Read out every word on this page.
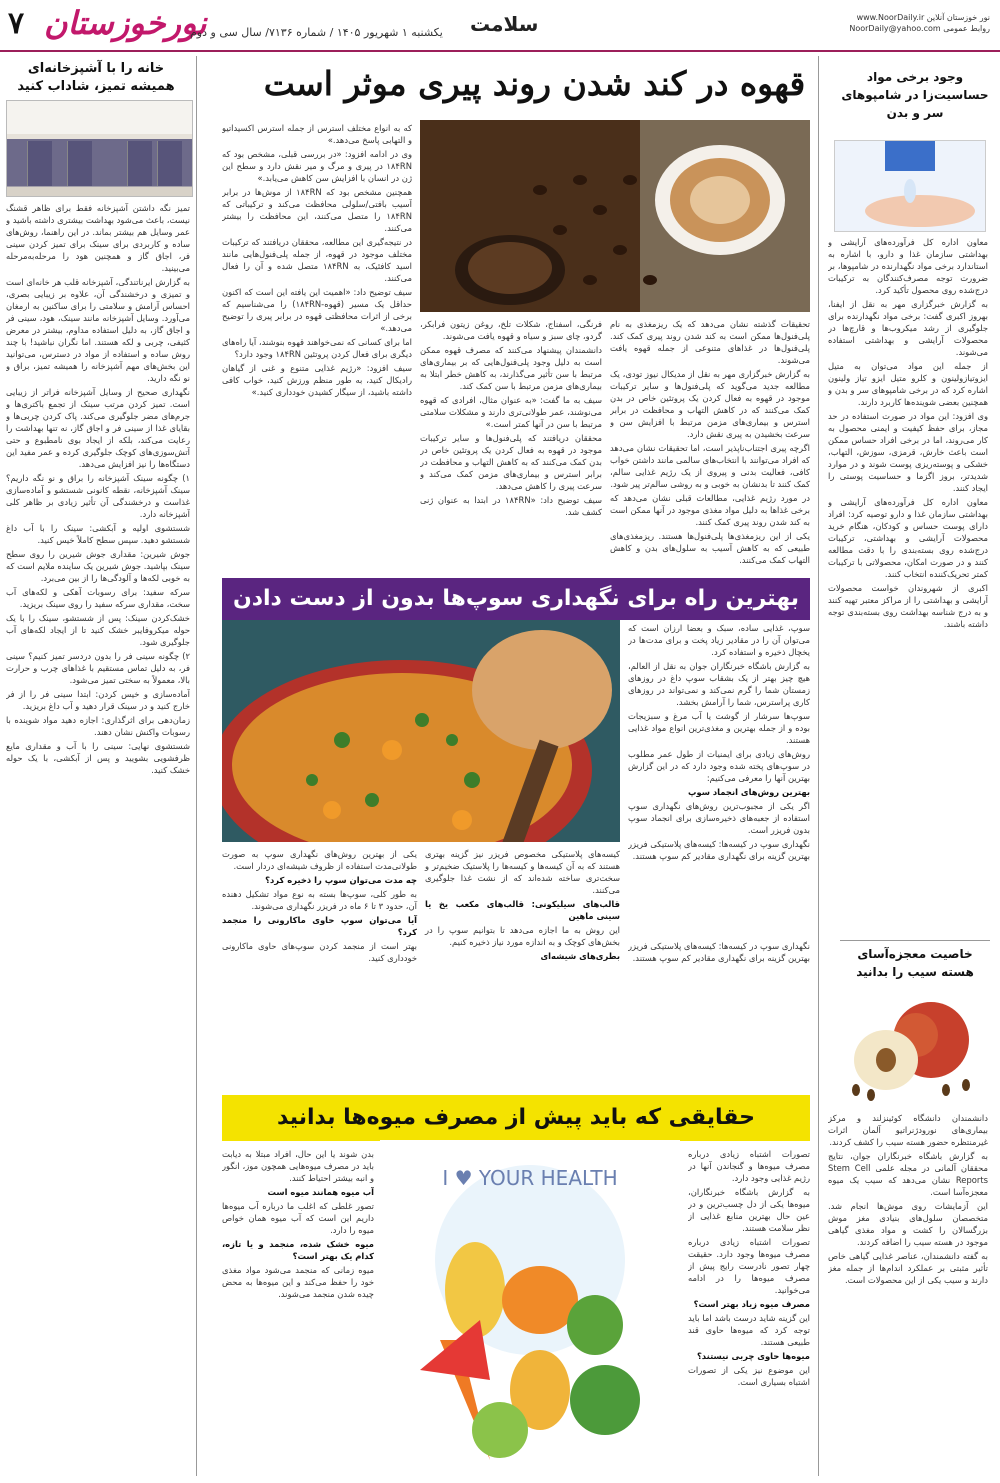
۷ نورخوزستان
یکشنبه ۱ شهریور ۱۴۰۵ / شماره ۷۱۳۶/ سال سی و دوم سلامت	www.NoorDaily.ir نور خوزستان آنلاین
NoorDaily@yahoo.com روابط عمومی
خانه را با آشپزخانه‌ای همیشه تمیز، شاداب کنید

تمیز نگه داشتن آشپزخانه فقط برای ظاهر قشنگ نیست، باعث می‌شود بهداشت بیشتری داشته باشید و عمر وسایل هم بیشتر بماند. در این راهنما، روش‌های ساده و کاربردی برای سینک برای تمیز کردن سینی فر، اجاق گاز و همچنین هود را مرحله‌به‌مرحله می‌بینید.

به گزارش ایرناتندگی، آشپزخانه قلب هر خانه‌ای است و تمیزی و درخشندگی آن، علاوه بر زیبایی بصری، احساس آرامش و سلامتی را برای ساکنین به ارمغان می‌آورد. وسایل آشپزخانه مانند سینک، هود، سینی فر و اجاق گاز، به دلیل استفاده مداوم، بیشتر در معرض کثیفی، چربی و لکه هستند. اما نگران نباشید! با چند روش ساده و استفاده از مواد در دسترس، می‌توانید این بخش‌های مهم آشپزخانه را همیشه تمیز، براق و نو نگه دارید.

نگهداری صحیح از وسایل آشپزخانه فراتر از زیبایی است. تمیز کردن مرتب سینک از تجمع باکتری‌ها و جرم‌های مضر جلوگیری می‌کند. پاک کردن چربی‌ها و بقایای غذا از سینی فر و اجاق گاز، نه تنها بهداشت را رعایت می‌کند، بلکه از ایجاد بوی نامطبوع و حتی آتش‌سوزی‌های کوچک جلوگیری کرده و عمر مفید این دستگاه‌ها را نیز افزایش می‌دهد.

۱) چگونه سینک آشپزخانه را براق و نو نگه داریم؟ سینک آشپزخانه، نقطه کانونی شستشو و آماده‌سازی غذاست و درخشندگی آن تأثیر زیادی بر ظاهر کلی آشپزخانه دارد.

شستشوی اولیه و آبکشی: سینک را با آب داغ شستشو دهید. سپس سطح کاملاً خیس کنید.

جوش‌ شیرین: مقداری جوش شیرین را روی سطح سینک بپاشید. جوش شیرین یک ساینده ملایم است که به خوبی لکه‌ها و آلودگی‌ها را از بین می‌برد.

سرکه سفید: برای رسوبات آهکی و لکه‌های آب سخت، مقداری سرکه سفید را روی سینک بریزید.

خشک‌کردن سینک: پس از شستشو، سینک را با یک حوله میکروفایبر خشک کنید تا از ایجاد لکه‌های آب جلوگیری شود.

۲) چگونه سینی فر را بدون دردسر تمیز کنیم؟ سینی فر، به دلیل تماس مستقیم با غذاهای چرب و حرارت بالا، معمولاً به سختی تمیز می‌شود.

آماده‌سازی و خیس کردن: ابتدا سینی فر را از فر خارج کنید و در سینک قرار دهید و آب داغ بریزید.

زمان‌دهی برای اثرگذاری: اجازه دهید مواد شوینده با رسوبات واکنش نشان دهند.

شستشوی نهایی: سینی را با آب و مقداری مایع ظرفشویی بشویید و پس از آبکشی، با یک حوله خشک کنید.

قهوه در کند شدن روند پیری موثر است

تحقیقات گذشته نشان می‌دهد که یک ریزمغذی به نام پلی‌فنول‌ها ممکن است به کند شدن روند پیری کمک کند. پلی‌فنول‌ها در غذاهای متنوعی از جمله قهوه یافت می‌شوند.

به گزارش خبرگزاری مهر به نقل از مدیکال نیوز تودی، یک مطالعه جدید می‌گوید که پلی‌فنول‌ها و سایر ترکیبات موجود در قهوه به فعال کردن یک پروتئین خاص در بدن کمک می‌کنند که در کاهش التهاب و محافظت در برابر استرس و بیماری‌های مزمن مرتبط با افزایش سن و سرعت بخشیدن به پیری نقش دارد.

اگرچه پیری اجتناب‌ناپذیر است، اما تحقیقات نشان می‌دهد که افراد می‌توانند با انتخاب‌های سالمی مانند داشتن خواب کافی، فعالیت بدنی و پیروی از یک رژیم غذایی سالم، کمک کنند تا بدنشان به خوبی و به روشی سالم‌تر پیر شود.

در مورد رژیم غذایی، مطالعات قبلی نشان می‌دهد که برخی غذاها به دلیل مواد مغذی موجود در آنها ممکن است به کند شدن روند پیری کمک کنند.

یکی از این ریزمغذی‌ها پلی‌فنول‌ها هستند. ریزمغذی‌های طبیعی که به کاهش آسیب به سلول‌های بدن و کاهش التهاب کمک می‌کنند.

فرنگی، اسفناج، شکلات تلخ، روغن زیتون فرابکر، گردو، چای سبز و سیاه و قهوه یافت می‌شوند.

دانشمندان پیشنهاد می‌کنند که مصرف قهوه ممکن است به دلیل وجود پلی‌فنول‌هایی که بر بیماری‌های مرتبط با سن تأثیر می‌گذارند، به کاهش خطر ابتلا به بیماری‌های مزمن مرتبط با سن کمک کند.

سیف به ما گفت: «به عنوان مثال، افرادی که قهوه می‌نوشند، عمر طولانی‌تری دارند و مشکلات سلامتی مرتبط با سن در آنها کمتر است.»

محققان دریافتند که پلی‌فنول‌ها و سایر ترکیبات موجود در قهوه به فعال کردن یک پروتئین خاص در بدن کمک می‌کنند که به کاهش التهاب و محافظت در برابر استرس و بیماری‌های مزمن کمک می‌کند و سرعت پیری را کاهش می‌دهد.

سیف توضیح داد: «۱۸۴RN در ابتدا به عنوان ژنی کشف شد.

که به انواع مختلف استرس از جمله استرس اکسیداتیو و التهابی پاسخ می‌دهد.»

وی در ادامه افزود: «در بررسی قبلی، مشخص بود که ۱۸۴RN در پیری و مرگ و میر نقش دارد و سطح این ژن در انسان با افزایش سن کاهش می‌یابد.»

همچنین مشخص بود که ۱۸۴RN از موش‌ها در برابر آسیب بافتی/سلولی محافظت می‌کند و ترکیباتی که ۱۸۴RN را متصل می‌کنند، این محافظت را بیشتر می‌کنند.

در نتیجه‌گیری این مطالعه، محققان دریافتند که ترکیبات مختلف موجود در قهوه، از جمله پلی‌فنول‌هایی مانند اسید کافئیک، به ۱۸۴RN متصل شده و آن را فعال می‌کنند.

سیف توضیح داد: «اهمیت این یافته این است که اکنون حداقل یک مسیر (قهوه-۱۸۴RN) را می‌شناسیم که برخی از اثرات محافظتی قهوه در برابر پیری را توضیح می‌دهد.»

اما برای کسانی که نمی‌خواهند قهوه بنوشند، آیا راه‌های دیگری برای فعال کردن پروتئین ۱۸۴RN وجود دارد؟

سیف افزود: «رژیم غذایی متنوع و غنی از گیاهان رادیکال کنید، به طور منظم ورزش کنید، خواب کافی داشته باشید، از سیگار کشیدن خودداری کنید.»

بهترین راه برای نگهداری سوپ‌ها بدون از دست دادن

سوپ، غذایی ساده، سبک و بعضا ارزان است که می‌توان آن را در مقادیر زیاد پخت و برای مدت‌ها در یخچال ذخیره و استفاده کرد.

به گزارش باشگاه خبرنگاران جوان به نقل از العالم، هیچ چیز بهتر از یک بشقاب سوپ داغ در روزهای زمستان شما را گرم نمی‌کند و نمی‌تواند در روزهای کاری پراسترس، شما را آرامش بخشد.

سوپ‌ها سرشار از گوشت یا آب مرغ و سبزیجات بوده و از جمله بهترین و مغذی‌ترین انواع مواد غذایی هستند.

روش‌های زیادی برای ایمنیات از طول عمر مطلوب در سوپ‌های پخته شده وجود دارد که در این گزارش بهترین آنها را معرفی می‌کنیم:

بهترین روش‌های انجماد سوپ

اگر یکی از مجبوب‌ترین روش‌های نگهداری سوپ استفاده از جعبه‌های ذخیره‌سازی برای انجماد سوپ بدون فریزر است.

نگهداری سوپ در کیسه‌ها: کیسه‌های پلاستیکی فریزر بهترین گزینه برای نگهداری مقادیر کم سوپ هستند.

کیسه‌های پلاستیکی مخصوص فریزر نیز گزینه بهتری هستند که به آن کیسه‌ها و کیسه‌ها را پلاستیک ضخیم‌تر و سخت‌تری ساخته شده‌اند که از نشت غذا جلوگیری می‌کنند.

قالب‌های سیلیکونی: قالب‌های مکعب یخ یا سینی ماهین

این روش به ما اجازه می‌دهد تا بتوانیم سوپ را در بخش‌های کوچک و به اندازه مورد نیاز ذخیره کنیم.

بطری‌های شیشه‌ای

یکی از بهترین روش‌های نگهداری سوپ به صورت طولانی‌مدت استفاده از ظروف شیشه‌ای دردار است.

چه مدت می‌توان سوپ را ذخیره کرد؟

به طور کلی، سوپ‌ها بسته به نوع مواد تشکیل دهنده آن، حدود ۳ تا ۶ ماه در فریزر نگهداری می‌شوند.

آیا می‌توان سوپ حاوی ماکارونی را منجمد کرد؟

بهتر است از منجمد کردن سوپ‌های حاوی ماکارونی خودداری کنید.

نگهداری سوپ در کیسه‌ها: کیسه‌های پلاستیکی فریزر بهترین گزینه برای نگهداری مقادیر کم سوپ هستند.

حقایقی که باید پیش از مصرف میوه‌ها بدانید
I ♥ YOUR HEALTH

تصورات اشتباه زیادی درباره مصرف میوه‌ها و گنجاندن آنها در رژیم غذایی وجود دارد.

به گزارش باشگاه خبرنگاران، میوه‌ها یکی از دل چسب‌ترین و در عین حال بهترین منابع غذایی از نظر سلامت هستند.

تصورات اشتباه زیادی درباره مصرف میوه‌ها وجود دارد. حقیقت چهار تصور نادرست رایج پیش از مصرف میوه‌ها را در ادامه می‌خوانید.

مصرف میوه زیاد بهتر است؟

این گزینه شاید درست باشد اما باید توجه کرد که میوه‌ها حاوی قند طبیعی هستند.

میوه‌ها حاوی چربی نیستند؟

این موضوع نیز یکی از تصورات اشتباه بسیاری است.

بدن شوند یا این حال، افراد مبتلا به دیابت باید در مصرف میوه‌هایی همچون موز، انگور و انبه بیشتر احتیاط کنند.

آب میوه همانند میوه است

تصور غلطی که اغلب ما درباره آب میوه‌ها داریم این است که آب میوه همان خواص میوه را دارد.

میوه خشک شده، منجمد و یا تازه، کدام یک بهتر است؟

میوه زمانی که منجمد می‌شود مواد مغذی خود را حفظ می‌کند و این میوه‌ها به محض چیده شدن منجمد می‌شوند.

وجود برخی مواد حساسیت‌زا در شامپوهای سر و بدن

معاون اداره کل فرآورده‌های آرایشی و بهداشتی سازمان غذا و دارو، با اشاره به استاندارد برخی مواد نگهدارنده در شامپوها، بر ضرورت توجه مصرف‌کنندگان به ترکیبات درج‌شده روی محصول تأکید کرد.

به گزارش خبرگزاری مهر به نقل از ایفنا، بهروز اکبری گفت: برخی مواد نگهدارنده برای جلوگیری از رشد میکروب‌ها و قارچ‌ها در محصولات آرایشی و بهداشتی استفاده می‌شوند.

از جمله این مواد می‌توان به متیل ایزوتیازولینون و کلرو متیل ایزو تیاز ولینون اشاره کرد که در برخی شامپوهای سر و بدن و همچنین بعضی شوینده‌ها کاربرد دارند.

وی افزود: این مواد در صورت استفاده در حد مجاز، برای حفظ کیفیت و ایمنی محصول به کار می‌روند، اما در برخی افراد حساس ممکن است باعث خارش، قرمزی، سوزش، التهاب، خشکی و پوسته‌ریزی پوست شوند و در موارد شدیدتر، بروز اگزما و حساسیت پوستی را ایجاد کنند.

معاون اداره کل فرآورده‌های آرایشی و بهداشتی سازمان غذا و دارو توصیه کرد: افراد دارای پوست حساس و کودکان، هنگام خرید محصولات آرایشی و بهداشتی، ترکیبات درج‌شده روی بسته‌بندی را با دقت مطالعه کنند و در صورت امکان، محصولاتی با ترکیبات کمتر تحریک‌کننده انتخاب کنند.

اکبری از شهروندان خواست محصولات آرایشی و بهداشتی را از مراکز معتبر تهیه کنند و به درج شناسه بهداشت روی بسته‌بندی توجه داشته باشند.

خاصیت معجزه‌آسای هسته سیب را بدانید

دانشمندان دانشگاه کوئینزلند و مرکز بیماری‌های نورودژنراتیو آلمان اثرات غیرمنتظره حضور هسته سیب را کشف کردند.

به گزارش باشگاه خبرنگاران جوان، نتایج محققان آلمانی در مجله علمی Stem Cell Reports نشان می‌دهد که سیب یک میوه معجزه‌آسا است.

این آزمایشات روی موش‌ها انجام شد. متخصصان سلول‌های بنیادی مغز موش بزرگسالان را کشت و مواد مغذی گیاهی موجود در هسته سیب را اضافه کردند.

به گفته دانشمندان، عناصر غذایی گیاهی خاص تأثیر مثبتی بر عملکرد اندام‌ها از جمله مغز دارند و سیب یکی از این محصولات است.
